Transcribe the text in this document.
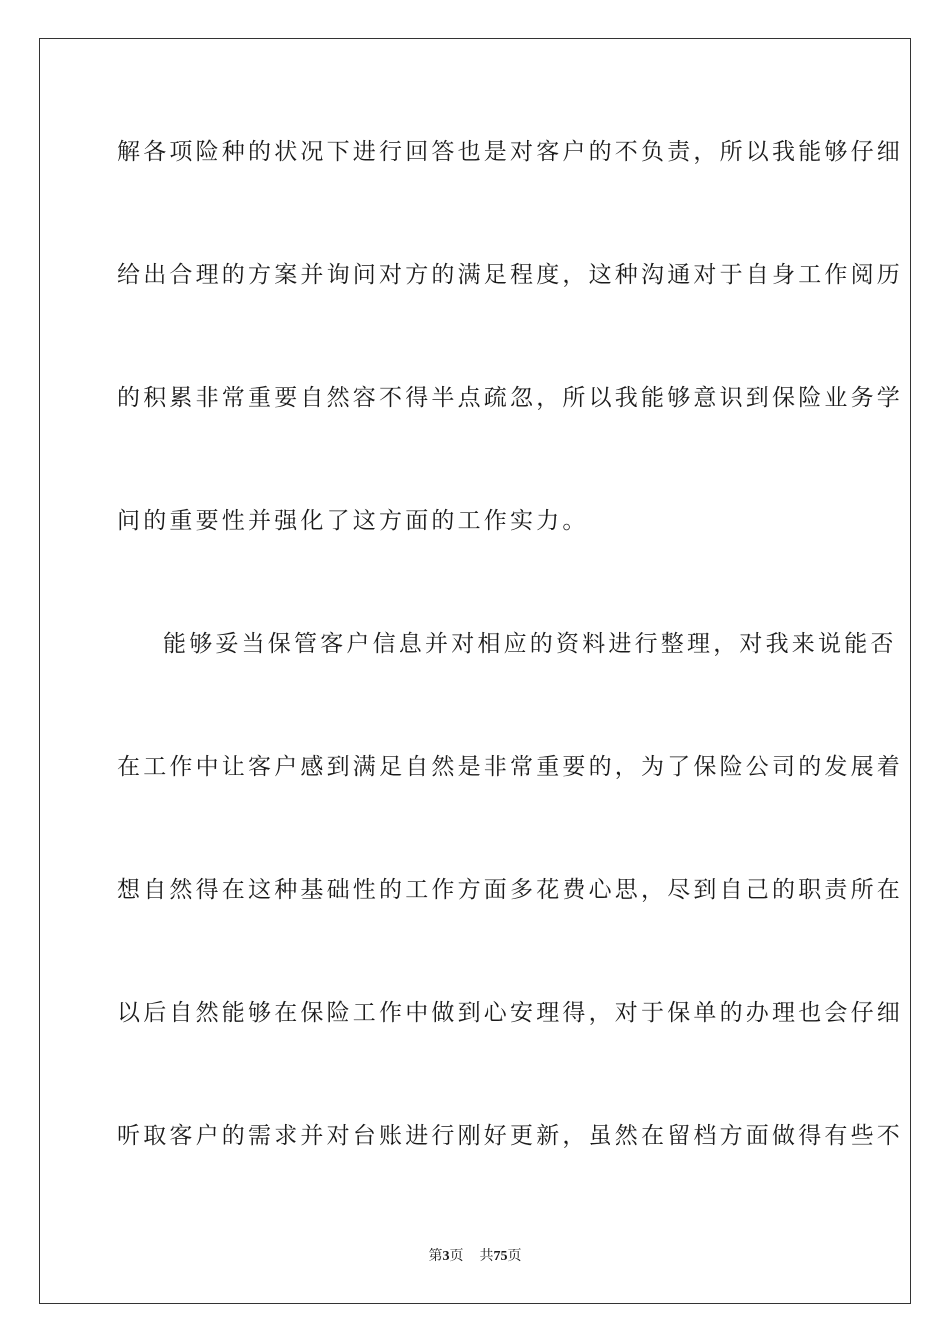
解各项险种的状况下进行回答也是对客户的不负责，所以我能够仔细
给出合理的方案并询问对方的满足程度，这种沟通对于自身工作阅历
的积累非常重要自然容不得半点疏忽，所以我能够意识到保险业务学
问的重要性并强化了这方面的工作实力。
能够妥当保管客户信息并对相应的资料进行整理，对我来说能否
在工作中让客户感到满足自然是非常重要的，为了保险公司的发展着
想自然得在这种基础性的工作方面多花费心思，尽到自己的职责所在
以后自然能够在保险工作中做到心安理得，对于保单的办理也会仔细
听取客户的需求并对台账进行刚好更新，虽然在留档方面做得有些不
第3页 共75页
